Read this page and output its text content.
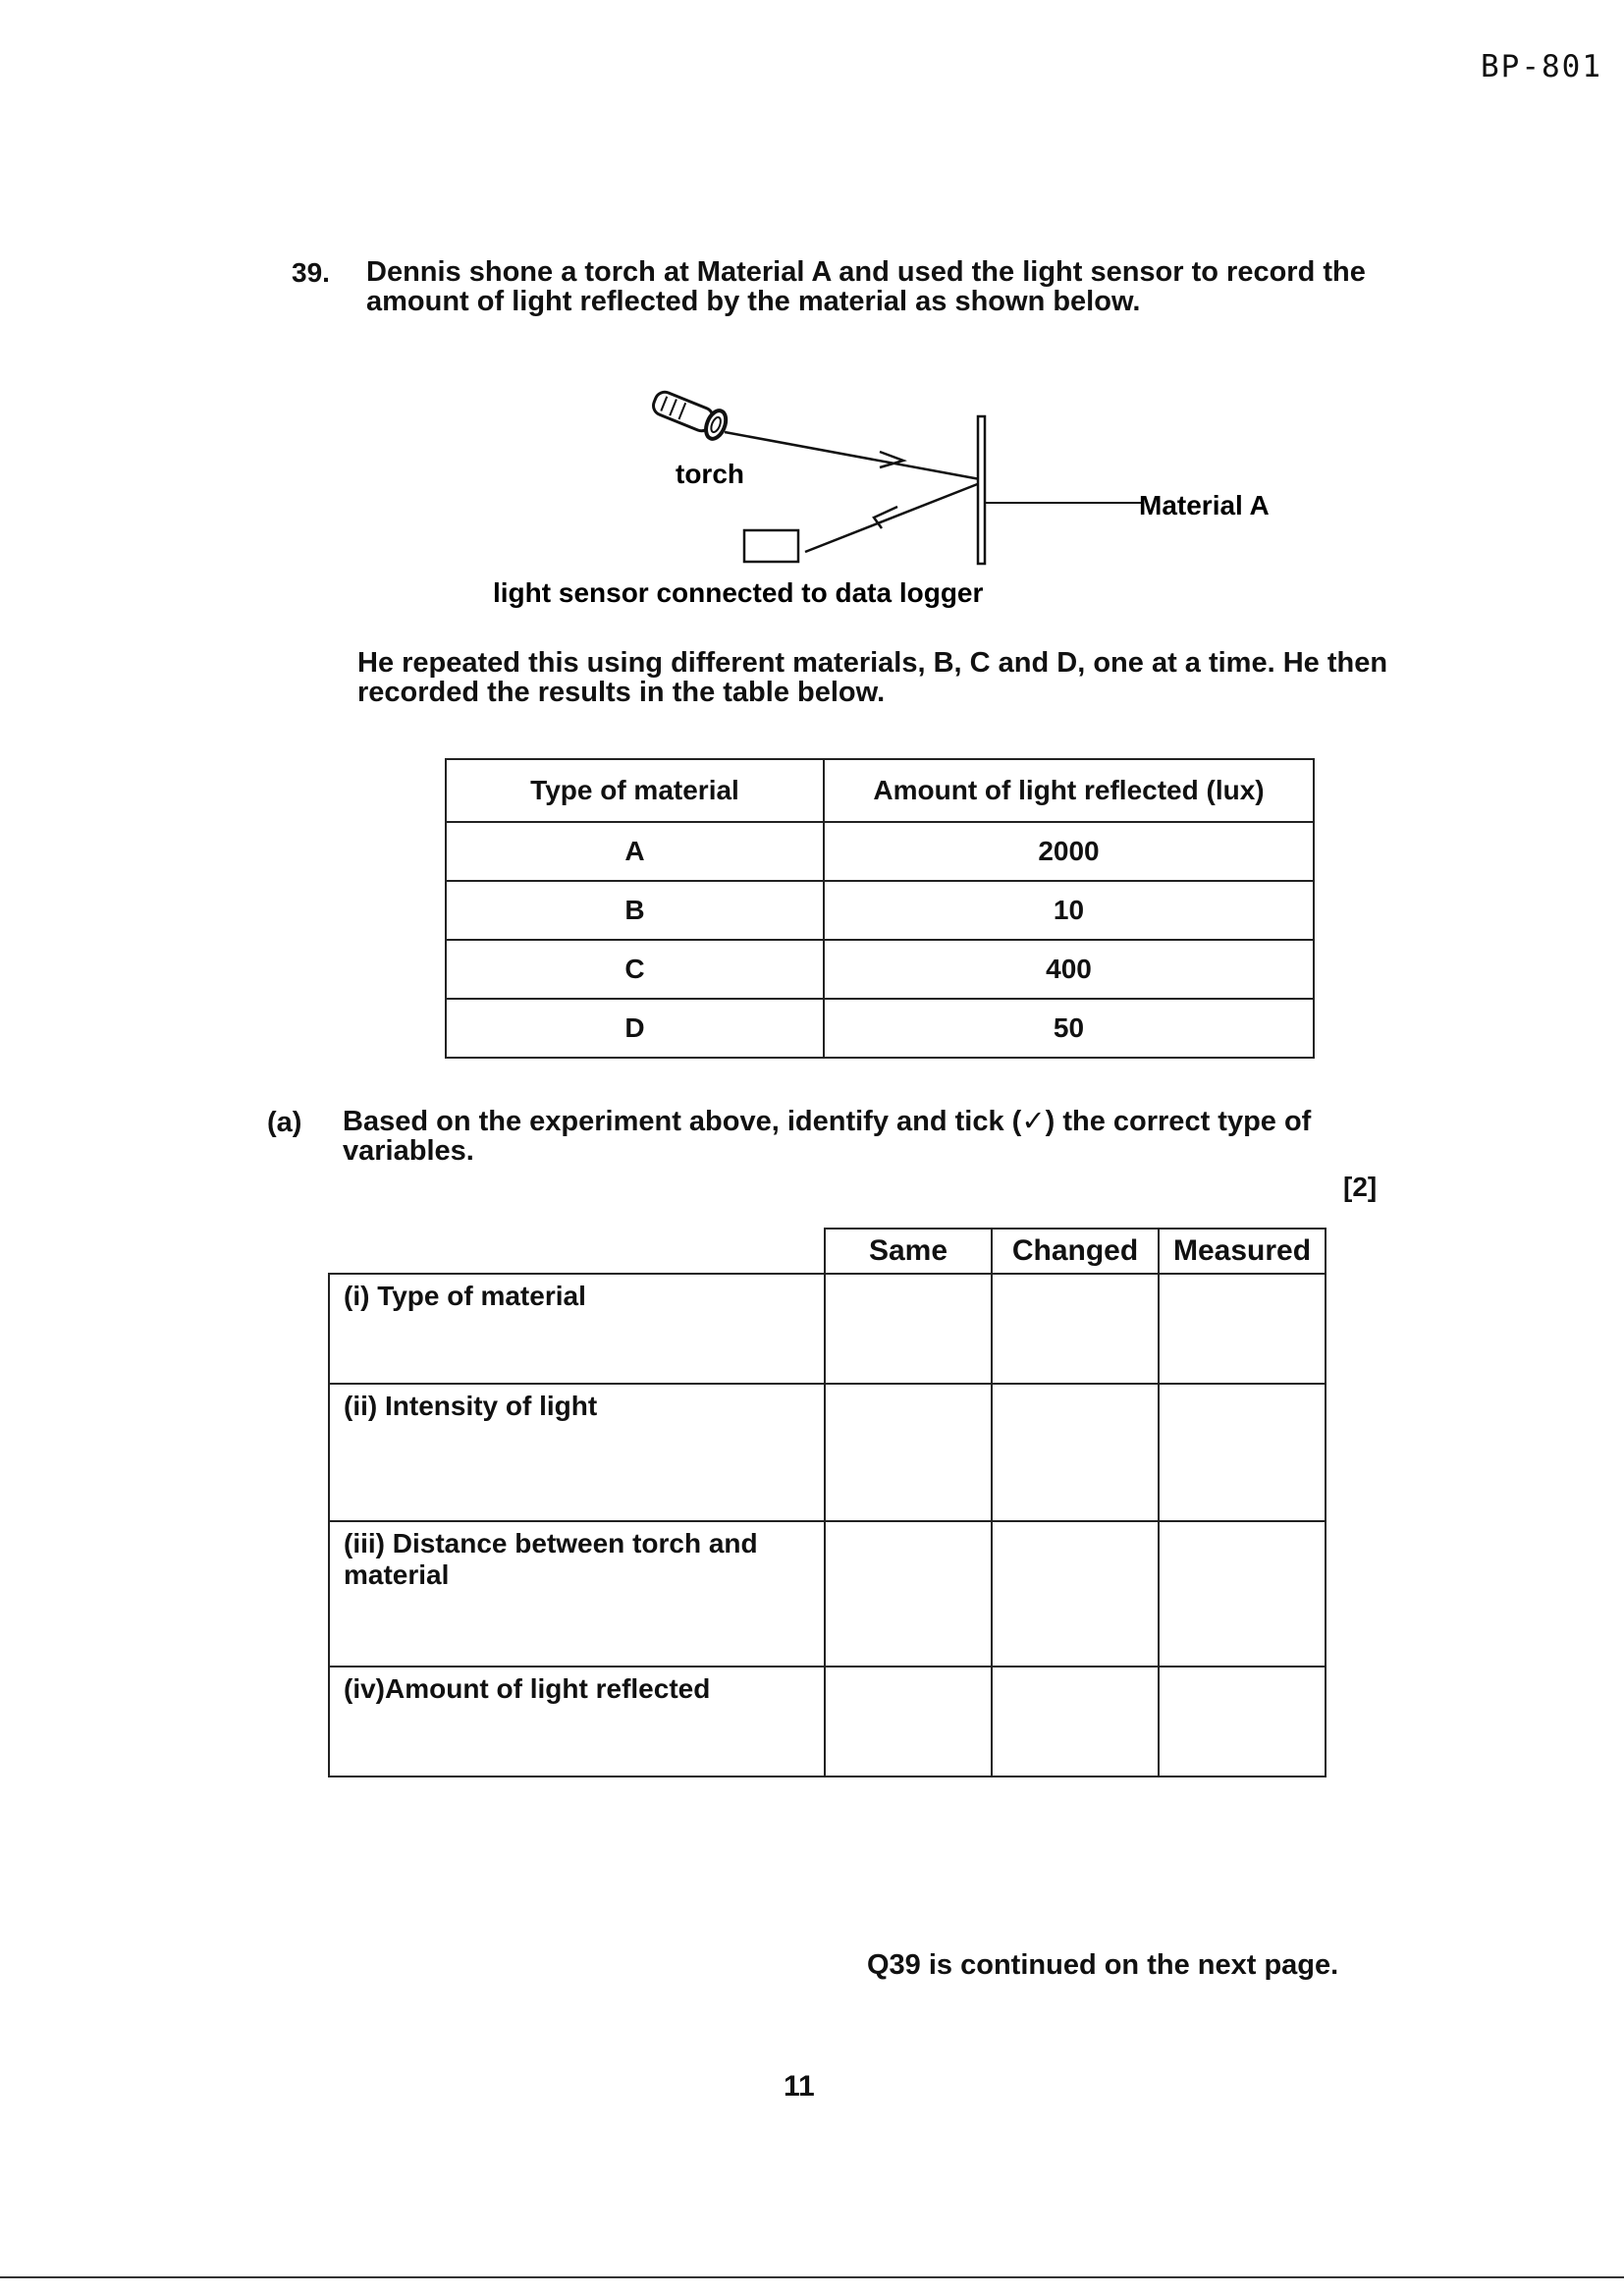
BP-801
39. Dennis shone a torch at Material A and used the light sensor to record the amount of light reflected by the material as shown below.
torch
Material A
light sensor connected to data logger
He repeated this using different materials, B, C and D, one at a time. He then recorded the results in the table below.
Type of material	Amount of light reflected (lux)
A	2000
B	10
C	400
D	50
(a) Based on the experiment above, identify and tick (✓) the correct type of variables.
[2]
	Same	Changed	Measured
(i) Type of material			
(ii) Intensity of light			
(iii) Distance between torch and material			
(iv)Amount of light reflected			
Q39 is continued on the next page.
11
